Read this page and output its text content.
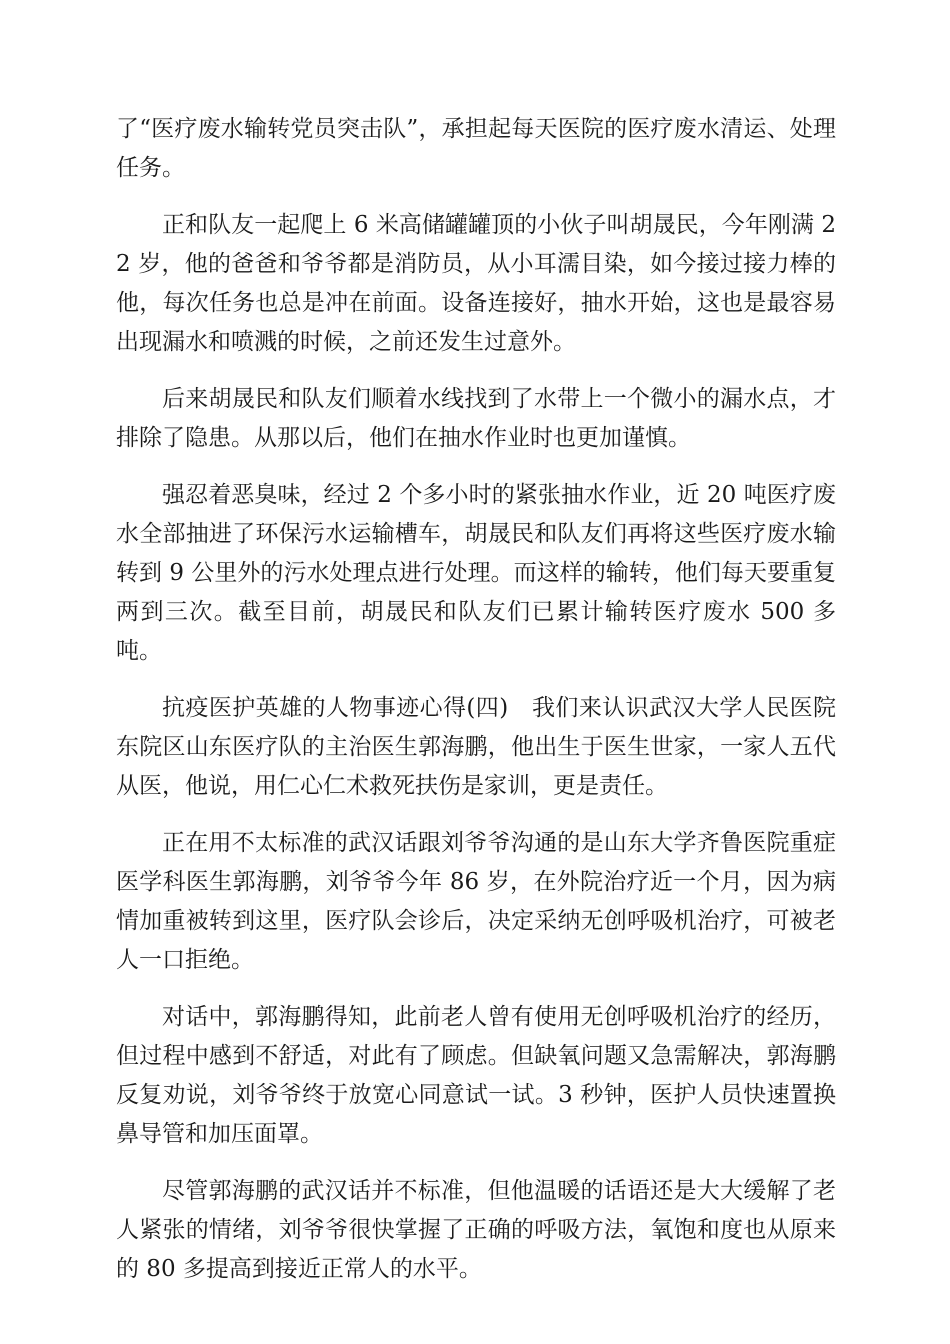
了“医疗废水输转党员突击队”，承担起每天医院的医疗废水清运、处理任务。

正和队友一起爬上 6 米高储罐罐顶的小伙子叫胡晟民，今年刚满 22 岁，他的爸爸和爷爷都是消防员，从小耳濡目染，如今接过接力棒的他，每次任务也总是冲在前面。设备连接好，抽水开始，这也是最容易出现漏水和喷溅的时候，之前还发生过意外。

后来胡晟民和队友们顺着水线找到了水带上一个微小的漏水点，才排除了隐患。从那以后，他们在抽水作业时也更加谨慎。

强忍着恶臭味，经过 2 个多小时的紧张抽水作业，近 20 吨医疗废水全部抽进了环保污水运输槽车，胡晟民和队友们再将这些医疗废水输转到 9 公里外的污水处理点进行处理。而这样的输转，他们每天要重复两到三次。截至目前，胡晟民和队友们已累计输转医疗废水 500 多吨。

抗疫医护英雄的人物事迹心得(四)　我们来认识武汉大学人民医院东院区山东医疗队的主治医生郭海鹏，他出生于医生世家，一家人五代从医，他说，用仁心仁术救死扶伤是家训，更是责任。

正在用不太标准的武汉话跟刘爷爷沟通的是山东大学齐鲁医院重症医学科医生郭海鹏，刘爷爷今年 86 岁，在外院治疗近一个月，因为病情加重被转到这里，医疗队会诊后，决定采纳无创呼吸机治疗，可被老人一口拒绝。

对话中，郭海鹏得知，此前老人曾有使用无创呼吸机治疗的经历，但过程中感到不舒适，对此有了顾虑。但缺氧问题又急需解决，郭海鹏反复劝说，刘爷爷终于放宽心同意试一试。3 秒钟，医护人员快速置换鼻导管和加压面罩。

尽管郭海鹏的武汉话并不标准，但他温暖的话语还是大大缓解了老人紧张的情绪，刘爷爷很快掌握了正确的呼吸方法，氧饱和度也从原来的 80 多提高到接近正常人的水平。
